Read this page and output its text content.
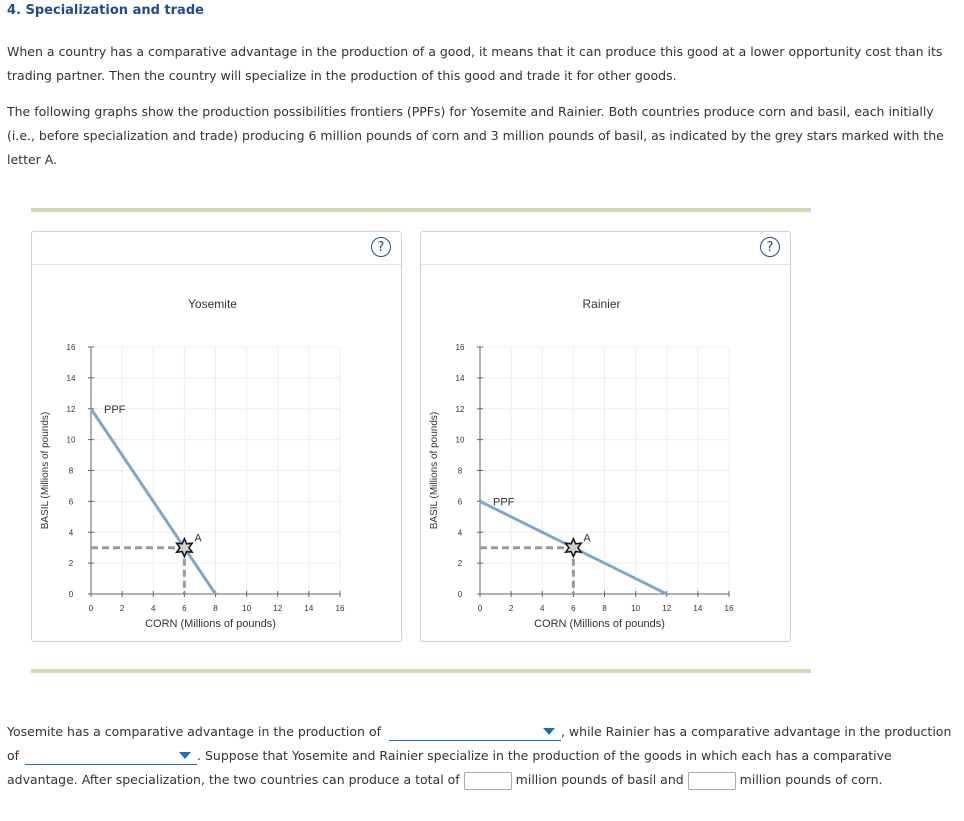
4. Specialization and trade

When a country has a comparative advantage in the production of a good, it means that it can produce this good at a lower opportunity cost than its trading partner. Then the country will specialize in the production of this good and trade it for other goods.

The following graphs show the production possibilities frontiers (PPFs) for Yosemite and Rainier. Both countries produce corn and basil, each initially (i.e., before specialization and trade) producing 6 million pounds of corn and 3 million pounds of basil, as indicated by the grey stars marked with the letter A.

?
Yosemite
0
2
4
6
8
10
12
14
16
0	2	4	6	8	10	12	14	16
CORN (Millions of pounds)
BASIL (Millions of pounds)
PPF
A
?
Rainier
0
2
4
6
8
10
12
14
16
0	2	4	6	8	10	12	14	16
CORN (Millions of pounds)
BASIL (Millions of pounds)	PPF
A

Yosemite has a comparative advantage in the production of	, while Rainier has a comparative advantage in the production of	. Suppose that Yosemite and Rainier specialize in the production of the goods in which each has a comparative advantage. After specialization, the two countries can produce a total of	million pounds of basil and	million pounds of corn.
